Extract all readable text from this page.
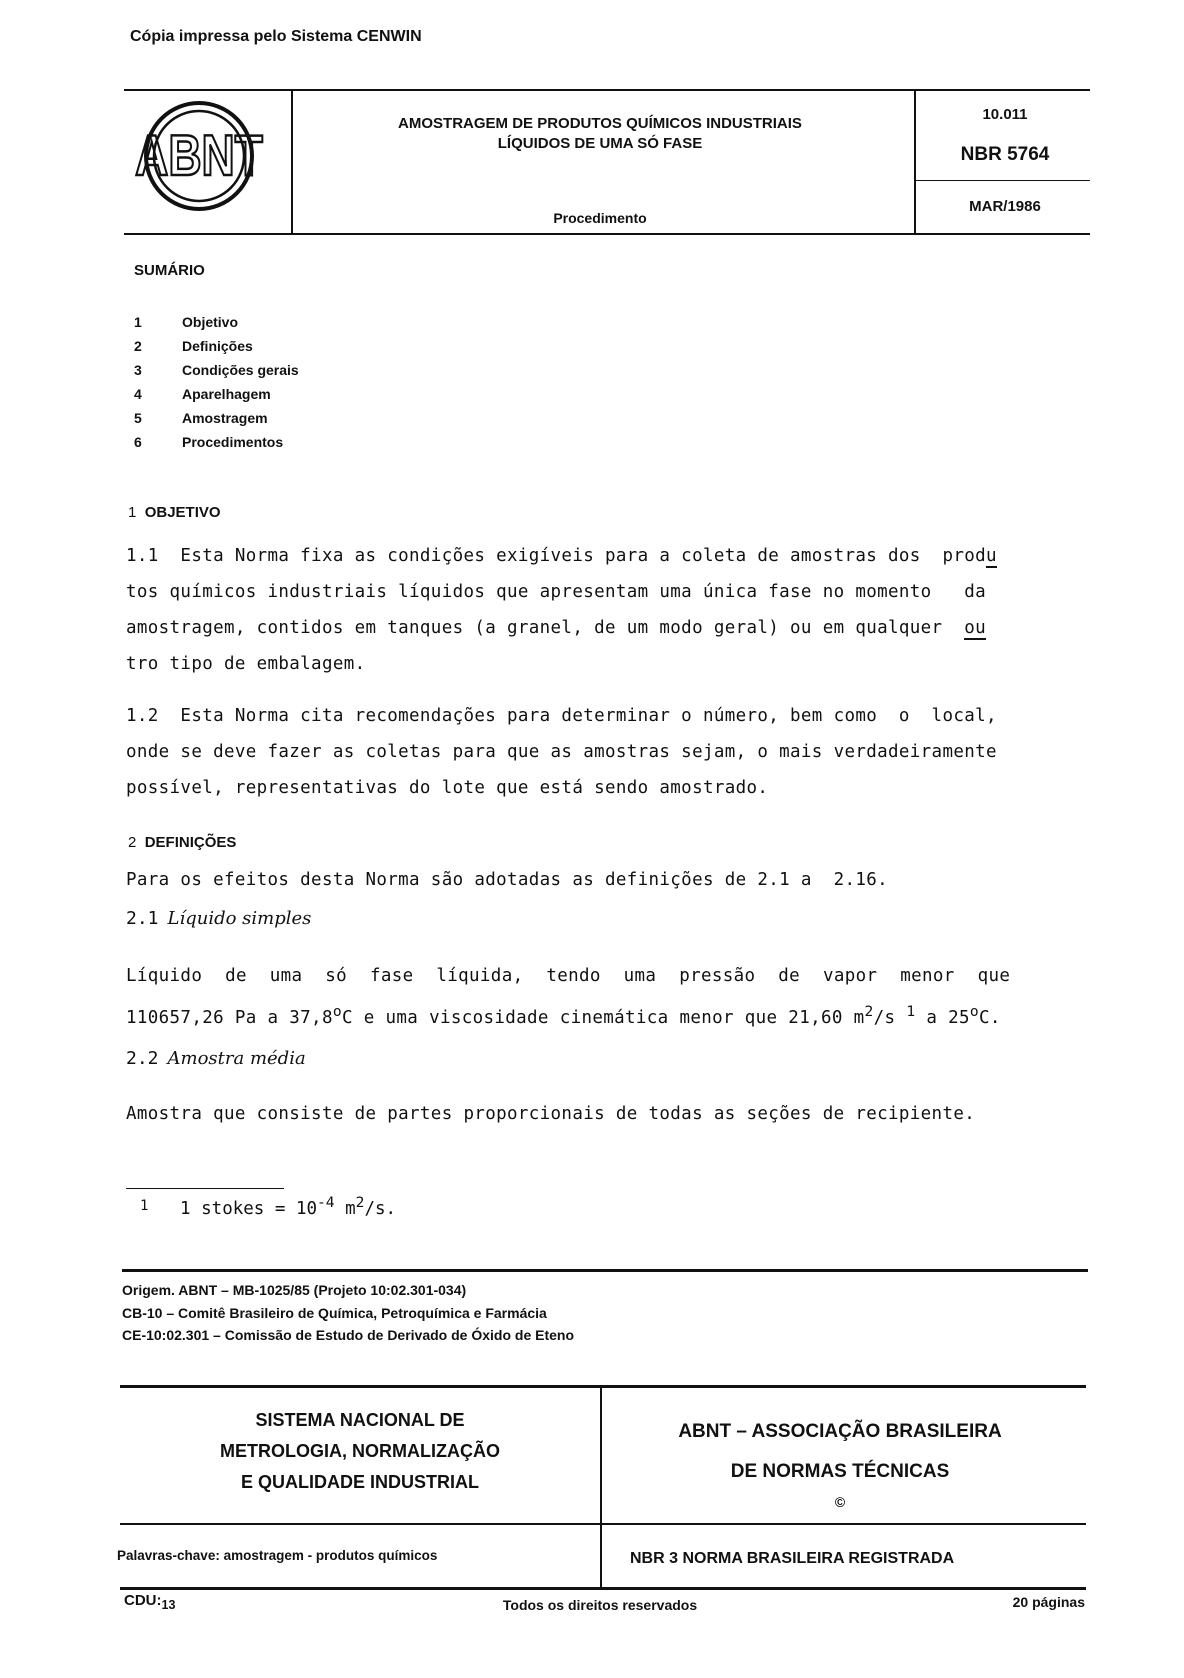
Cópia impressa pelo Sistema CENWIN
ABNT
AMOSTRAGEM DE PRODUTOS QUÍMICOS INDUSTRIAIS
LÍQUIDOS DE UMA SÓ FASE
Procedimento
10.011
NBR 5764
MAR/1986
SUMÁRIO
1	Objetivo
2	Definições
3	Condições gerais
4	Aparelhagem
5	Amostragem
6	Procedimentos
1 OBJETIVO
1.1  Esta Norma fixa as condições exigíveis para a coleta de amostras dos  produ
tos químicos industriais líquidos que apresentam uma única fase no momento   da
amostragem, contidos em tanques (a granel, de um modo geral) ou em qualquer  ou
tro tipo de embalagem.
1.2  Esta Norma cita recomendações para determinar o número, bem como  o  local,
onde se deve fazer as coletas para que as amostras sejam, o mais verdadeiramente
possível, representativas do lote que está sendo amostrado.
2 DEFINIÇÕES
Para os efeitos desta Norma são adotadas as definições de 2.1 a  2.16.
2.1 Líquido simples
Líquido de uma só fase líquida, tendo uma pressão de vapor menor que
110657,26 Pa a 37,8$^o$C e uma viscosidade cinemática menor que 21,60 $m^2/s$ $^1$ a 25$^o$C.
2.2 Amostra média
Amostra que consiste de partes proporcionais de todas as seções de recipiente.
$^1$ 1 stokes = $10^{-4}$ $m^2/s$.
Origem. ABNT – MB-1025/85 (Projeto 10:02.301-034)
CB-10 – Comitê Brasileiro de Química, Petroquímica e Farmácia
CE-10:02.301 – Comissão de Estudo de Derivado de Óxido de Eteno
SISTEMA NACIONAL DE
METROLOGIA, NORMALIZAÇÃO
E QUALIDADE INDUSTRIAL
ABNT – ASSOCIAÇÃO BRASILEIRA
DE NORMAS TÉCNICAS
©
Palavras-chave: amostragem - produtos químicos	NBR 3 NORMA BRASILEIRA REGISTRADA
$CDU:_{13}$	Todos os direitos reservados	20 páginas
